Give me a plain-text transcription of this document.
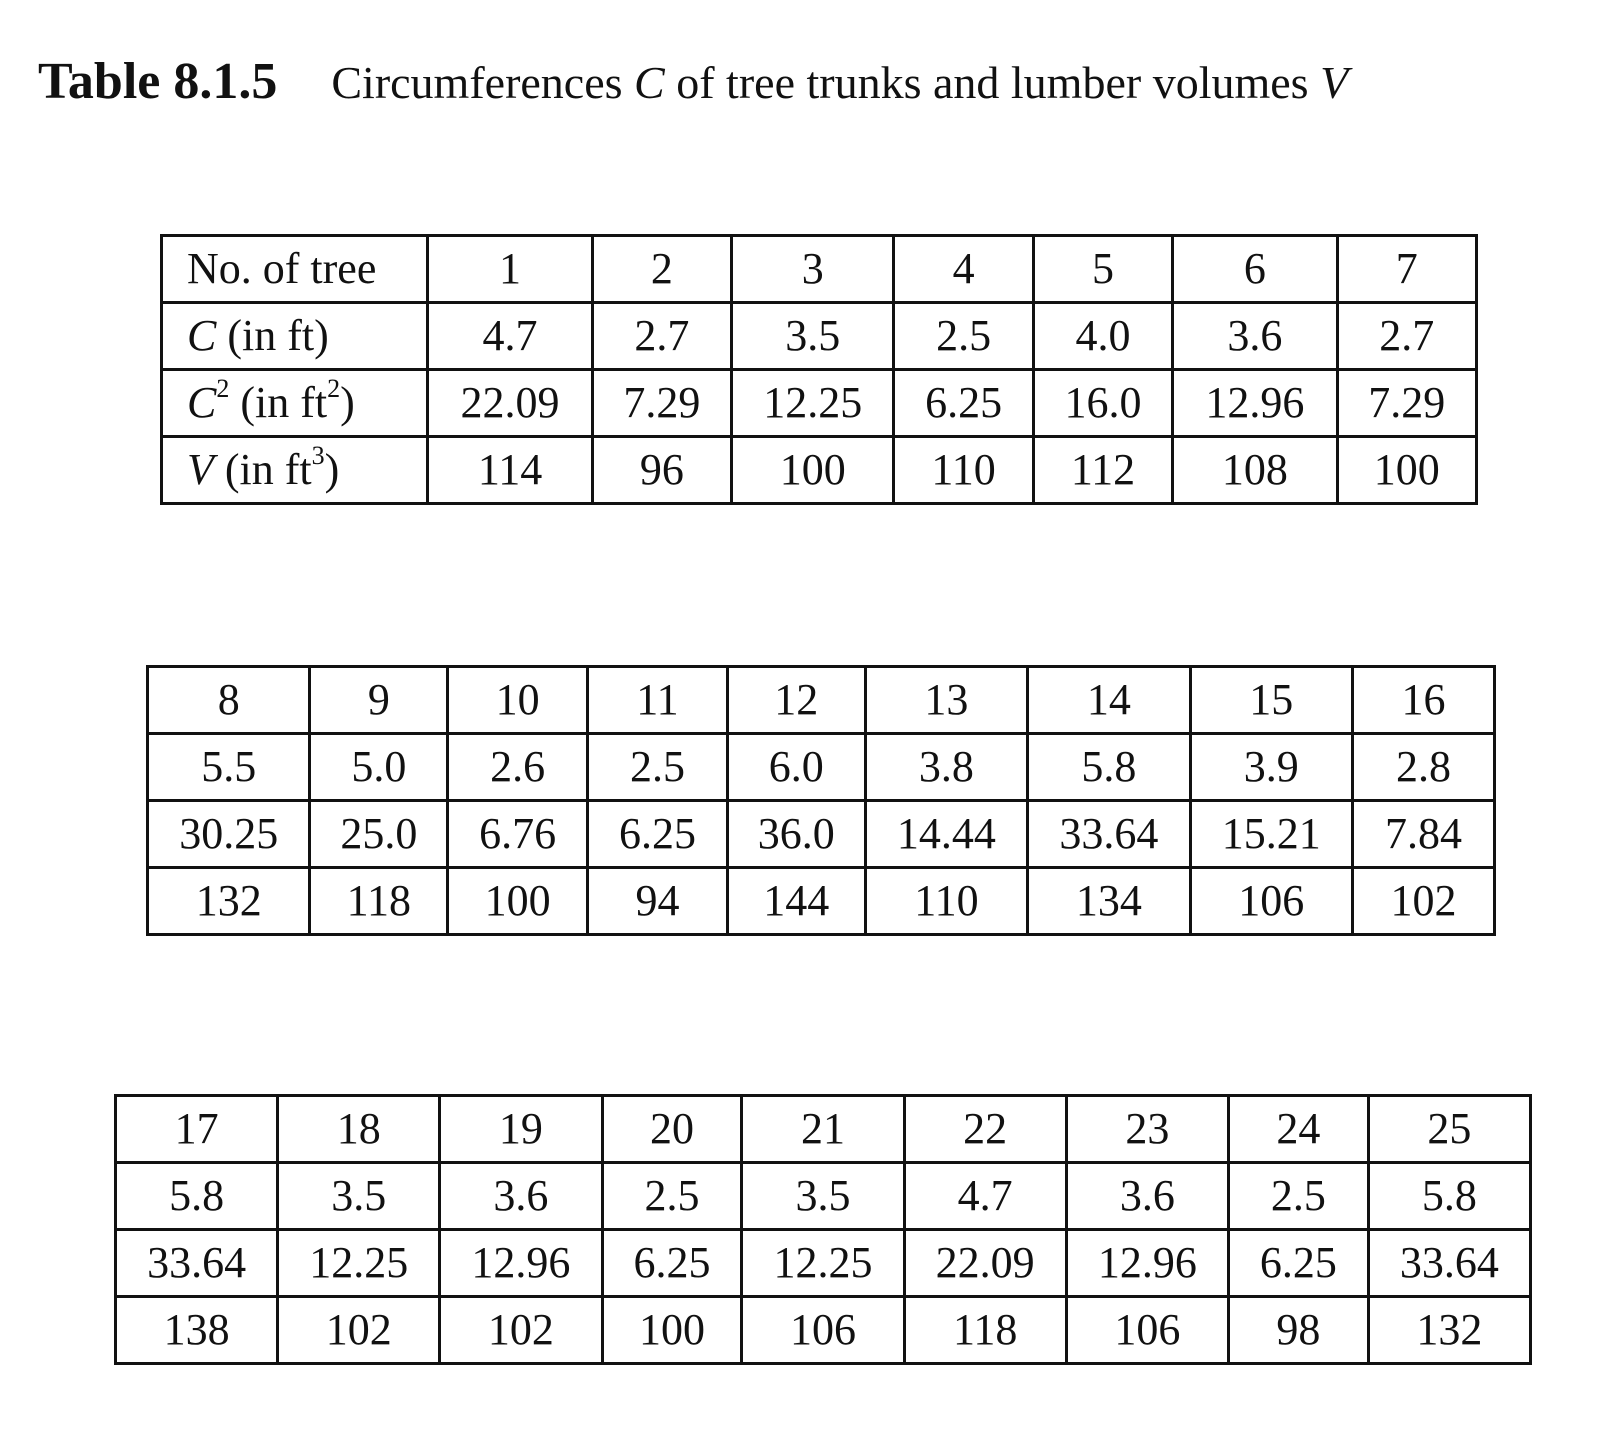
Table 8.1.5 Circumferences C of tree trunks and lumber volumes V
No. of tree	1	2	3	4	5	6	7
C (in ft)	4.7	2.7	3.5	2.5	4.0	3.6	2.7
$C^2$ (in $ft^2$)	22.09	7.29	12.25	6.25	16.0	12.96	7.29
V (in $ft^3$)	114	96	100	110	112	108	100
8	9	10	11	12	13	14	15	16
5.5	5.0	2.6	2.5	6.0	3.8	5.8	3.9	2.8
30.25	25.0	6.76	6.25	36.0	14.44	33.64	15.21	7.84
132	118	100	94	144	110	134	106	102
17	18	19	20	21	22	23	24	25
5.8	3.5	3.6	2.5	3.5	4.7	3.6	2.5	5.8
33.64	12.25	12.96	6.25	12.25	22.09	12.96	6.25	33.64
138	102	102	100	106	118	106	98	132
